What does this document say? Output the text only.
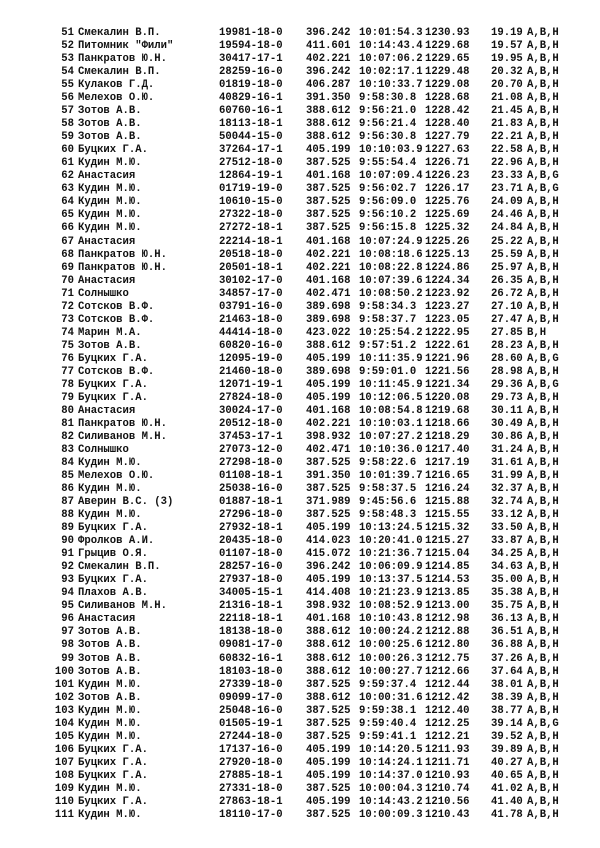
51 Смекалин В.П.	19981-18-0 396.242 10:01:54.3 1230.93 19.19 A,B,H
52 Питомник "Фили"	19594-18-0 411.601 10:14:43.4 1229.68 19.57 A,B,H
53 Панкратов Ю.Н.	30417-17-1 402.221 10:07:06.2 1229.65 19.95 A,B,H
54 Смекалин В.П.	28259-16-0 396.242 10:02:17.1 1229.48 20.32 A,B,H
55 Кулаков Г.Д.	01819-18-0 406.287 10:10:33.7 1229.08 20.70 A,B,H
56 Мелехов О.Ю.	40829-16-1 391.350 9:58:30.8 1228.68 21.08 A,B,H
57 Зотов А.В.	60760-16-1 388.612 9:56:21.0 1228.42 21.45 A,B,H
58 Зотов А.В.	18113-18-1 388.612 9:56:21.4 1228.40 21.83 A,B,H
59 Зотов А.В.	50044-15-0 388.612 9:56:30.8 1227.79 22.21 A,B,H
60 Буцких Г.А.	37264-17-1 405.199 10:10:03.9 1227.63 22.58 A,B,H
61 Кудин М.Ю.	27512-18-0 387.525 9:55:54.4 1226.71 22.96 A,B,H
62 Анастасия	12864-19-1 401.168 10:07:09.4 1226.23 23.33 A,B,G
63 Кудин М.Ю.	01719-19-0 387.525 9:56:02.7 1226.17 23.71 A,B,G
64 Кудин М.Ю.	10610-15-0 387.525 9:56:09.0 1225.76 24.09 A,B,H
65 Кудин М.Ю.	27322-18-0 387.525 9:56:10.2 1225.69 24.46 A,B,H
66 Кудин М.Ю.	27272-18-1 387.525 9:56:15.8 1225.32 24.84 A,B,H
67 Анастасия	22214-18-1 401.168 10:07:24.9 1225.26 25.22 A,B,H
68 Панкратов Ю.Н.	20518-18-0 402.221 10:08:18.6 1225.13 25.59 A,B,H
69 Панкратов Ю.Н.	20501-18-1 402.221 10:08:22.8 1224.86 25.97 A,B,H
70 Анастасия	30102-17-0 401.168 10:07:39.6 1224.34 26.35 A,B,H
71 Солнышко	34857-17-0 402.471 10:08:50.2 1223.92 26.72 A,B,H
72 Сотсков В.Ф.	03791-16-0 389.698 9:58:34.3 1223.27 27.10 A,B,H
73 Сотсков В.Ф.	21463-18-0 389.698 9:58:37.7 1223.05 27.47 A,B,H
74 Марин М.А.	44414-18-0 423.022 10:25:54.2 1222.95 27.85 B,H
75 Зотов А.В.	60820-16-0 388.612 9:57:51.2 1222.61 28.23 A,B,H
76 Буцких Г.А.	12095-19-0 405.199 10:11:35.9 1221.96 28.60 A,B,G
77 Сотсков В.Ф.	21460-18-0 389.698 9:59:01.0 1221.56 28.98 A,B,H
78 Буцких Г.А.	12071-19-1 405.199 10:11:45.9 1221.34 29.36 A,B,G
79 Буцких Г.А.	27824-18-0 405.199 10:12:06.5 1220.08 29.73 A,B,H
80 Анастасия	30024-17-0 401.168 10:08:54.8 1219.68 30.11 A,B,H
81 Панкратов Ю.Н.	20512-18-0 402.221 10:10:03.1 1218.66 30.49 A,B,H
82 Силиванов М.Н.	37453-17-1 398.932 10:07:27.2 1218.29 30.86 A,B,H
83 Солнышко	27073-12-0 402.471 10:10:36.0 1217.40 31.24 A,B,H
84 Кудин М.Ю.	27298-18-0 387.525 9:58:22.6 1217.19 31.61 A,B,H
85 Мелехов О.Ю.	01108-18-1 391.350 10:01:39.7 1216.65 31.99 A,B,H
86 Кудин М.Ю.	25038-16-0 387.525 9:58:37.5 1216.24 32.37 A,B,H
87 Аверин В.С. (3)	01887-18-1 371.989 9:45:56.6 1215.88 32.74 A,B,H
88 Кудин М.Ю.	27296-18-0 387.525 9:58:48.3 1215.55 33.12 A,B,H
89 Буцких Г.А.	27932-18-1 405.199 10:13:24.5 1215.32 33.50 A,B,H
90 Фролков А.И.	20435-18-0 414.023 10:20:41.0 1215.27 33.87 A,B,H
91 Грыцив О.Я.	01107-18-0 415.072 10:21:36.7 1215.04 34.25 A,B,H
92 Смекалин В.П.	28257-16-0 396.242 10:06:09.9 1214.85 34.63 A,B,H
93 Буцких Г.А.	27937-18-0 405.199 10:13:37.5 1214.53 35.00 A,B,H
94 Плахов А.В.	34005-15-1 414.408 10:21:23.9 1213.85 35.38 A,B,H
95 Силиванов М.Н.	21316-18-1 398.932 10:08:52.9 1213.00 35.75 A,B,H
96 Анастасия	22118-18-1 401.168 10:10:43.8 1212.98 36.13 A,B,H
97 Зотов А.В.	18138-18-0 388.612 10:00:24.2 1212.88 36.51 A,B,H
98 Зотов А.В.	09081-17-0 388.612 10:00:25.6 1212.80 36.88 A,B,H
99 Зотов А.В.	60832-16-1 388.612 10:00:26.3 1212.75 37.26 A,B,H
100 Зотов А.В.	18103-18-0 388.612 10:00:27.7 1212.66 37.64 A,B,H
101 Кудин М.Ю.	27339-18-0 387.525 9:59:37.4 1212.44 38.01 A,B,H
102 Зотов А.В.	09099-17-0 388.612 10:00:31.6 1212.42 38.39 A,B,H
103 Кудин М.Ю.	25048-16-0 387.525 9:59:38.1 1212.40 38.77 A,B,H
104 Кудин М.Ю.	01505-19-1 387.525 9:59:40.4 1212.25 39.14 A,B,G
105 Кудин М.Ю.	27244-18-0 387.525 9:59:41.1 1212.21 39.52 A,B,H
106 Буцких Г.А.	17137-16-0 405.199 10:14:20.5 1211.93 39.89 A,B,H
107 Буцких Г.А.	27920-18-0 405.199 10:14:24.1 1211.71 40.27 A,B,H
108 Буцких Г.А.	27885-18-1 405.199 10:14:37.0 1210.93 40.65 A,B,H
109 Кудин М.Ю.	27331-18-0 387.525 10:00:04.3 1210.74 41.02 A,B,H
110 Буцких Г.А.	27863-18-1 405.199 10:14:43.2 1210.56 41.40 A,B,H
111 Кудин М.Ю.	18110-17-0 387.525 10:00:09.3 1210.43 41.78 A,B,H
